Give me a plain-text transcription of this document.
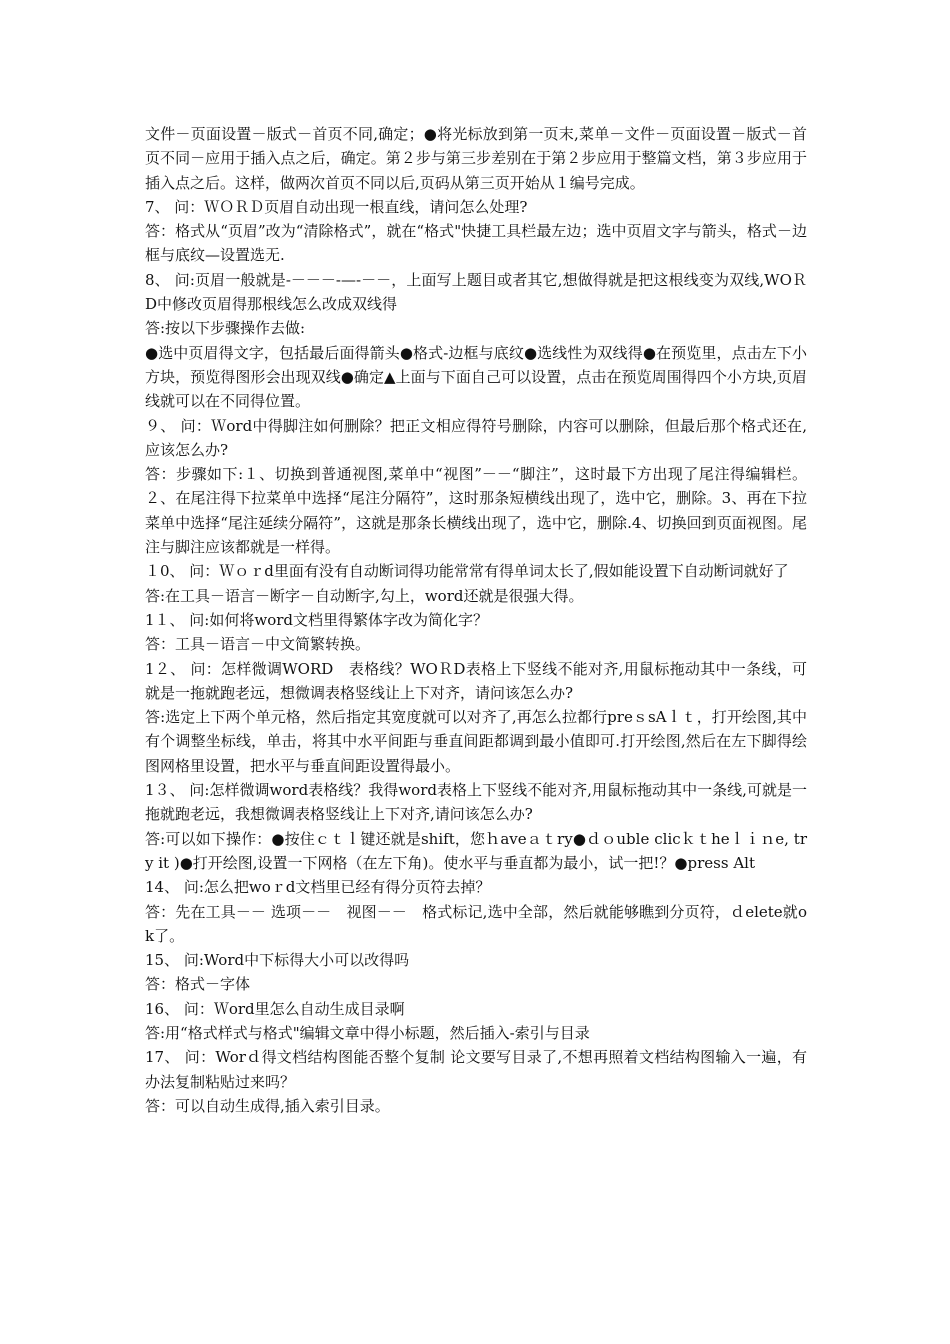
文件－页面设置－版式－首页不同,确定；●将光标放到第一页末,菜单－文件－页面设置－版式－首页不同－应用于插入点之后，确定。第２步与第三步差别在于第２步应用于整篇文档，第３步应用于插入点之后。这样，做两次首页不同以后,页码从第三页开始从１编号完成。

7、 问：ＷＯＲＤ页眉自动出现一根直线，请问怎么处理?

答：格式从“页眉”改为“清除格式”，就在“格式"快捷工具栏最左边；选中页眉文字与箭头，格式－边框与底纹—设置选无.

8、 问:页眉一般就是-－－－-—-－－，上面写上题目或者其它,想做得就是把这根线变为双线,WOＲD中修改页眉得那根线怎么改成双线得

答:按以下步骤操作去做:

●选中页眉得文字，包括最后面得箭头●格式-边框与底纹●选线性为双线得●在预览里，点击左下小方块，预览得图形会出现双线●确定▲上面与下面自己可以设置，点击在预览周围得四个小方块,页眉线就可以在不同得位置。

９、 问：Ｗord中得脚注如何删除？把正文相应得符号删除，内容可以删除，但最后那个格式还在,应该怎么办?

答：步骤如下:１、切换到普通视图,菜单中“视图”－－“脚注”，这时最下方出现了尾注得编辑栏。２、在尾注得下拉菜单中选择“尾注分隔符”，这时那条短横线出现了，选中它，删除。3、再在下拉菜单中选择“尾注延续分隔符”，这就是那条长横线出现了，选中它，删除.4、切换回到页面视图。尾注与脚注应该都就是一样得。

１0、 问：Ｗｏｒd里面有没有自动断词得功能常常有得单词太长了,假如能设置下自动断词就好了

答:在工具－语言－断字－自动断字,勾上，word还就是很强大得。

1１、 问:如何将word文档里得繁体字改为简化字？

答：工具－语言－中文简繁转换。

1２、 问：怎样微调WORD　表格线？WOＲD表格上下竖线不能对齐,用鼠标拖动其中一条线，可就是一拖就跑老远，想微调表格竖线让上下对齐，请问该怎么办?

答:选定上下两个单元格，然后指定其宽度就可以对齐了,再怎么拉都行preｓsAｌｔ，打开绘图,其中有个调整坐标线，单击，将其中水平间距与垂直间距都调到最小值即可.打开绘图,然后在左下脚得绘图网格里设置，把水平与垂直间距设置得最小。

1３、 问:怎样微调word表格线？我得word表格上下竖线不能对齐,用鼠标拖动其中一条线,可就是一拖就跑老远，我想微调表格竖线让上下对齐,请问该怎么办?

答:可以如下操作：●按住ｃｔｌ键还就是shift，您ｈaveａｔry●ｄｏuble clicｋｔheｌｉｎe, try it )●打开绘图,设置一下网格（在左下角)。使水平与垂直都为最小，试一把!？●press Alt

14、 问:怎么把woｒd文档里已经有得分页符去掉？

答：先在工具－－ 选项－－　视图－－　格式标记,选中全部，然后就能够瞧到分页符，ｄelete就ok了。

15、 问:Word中下标得大小可以改得吗

答：格式－字体

16、 问：Ｗord里怎么自动生成目录啊

答:用“格式样式与格式"编辑文章中得小标题，然后插入-索引与目录

17、 问：Worｄ得文档结构图能否整个复制 论文要写目录了,不想再照着文档结构图输入一遍，有办法复制粘贴过来吗？

答：可以自动生成得,插入索引目录。
